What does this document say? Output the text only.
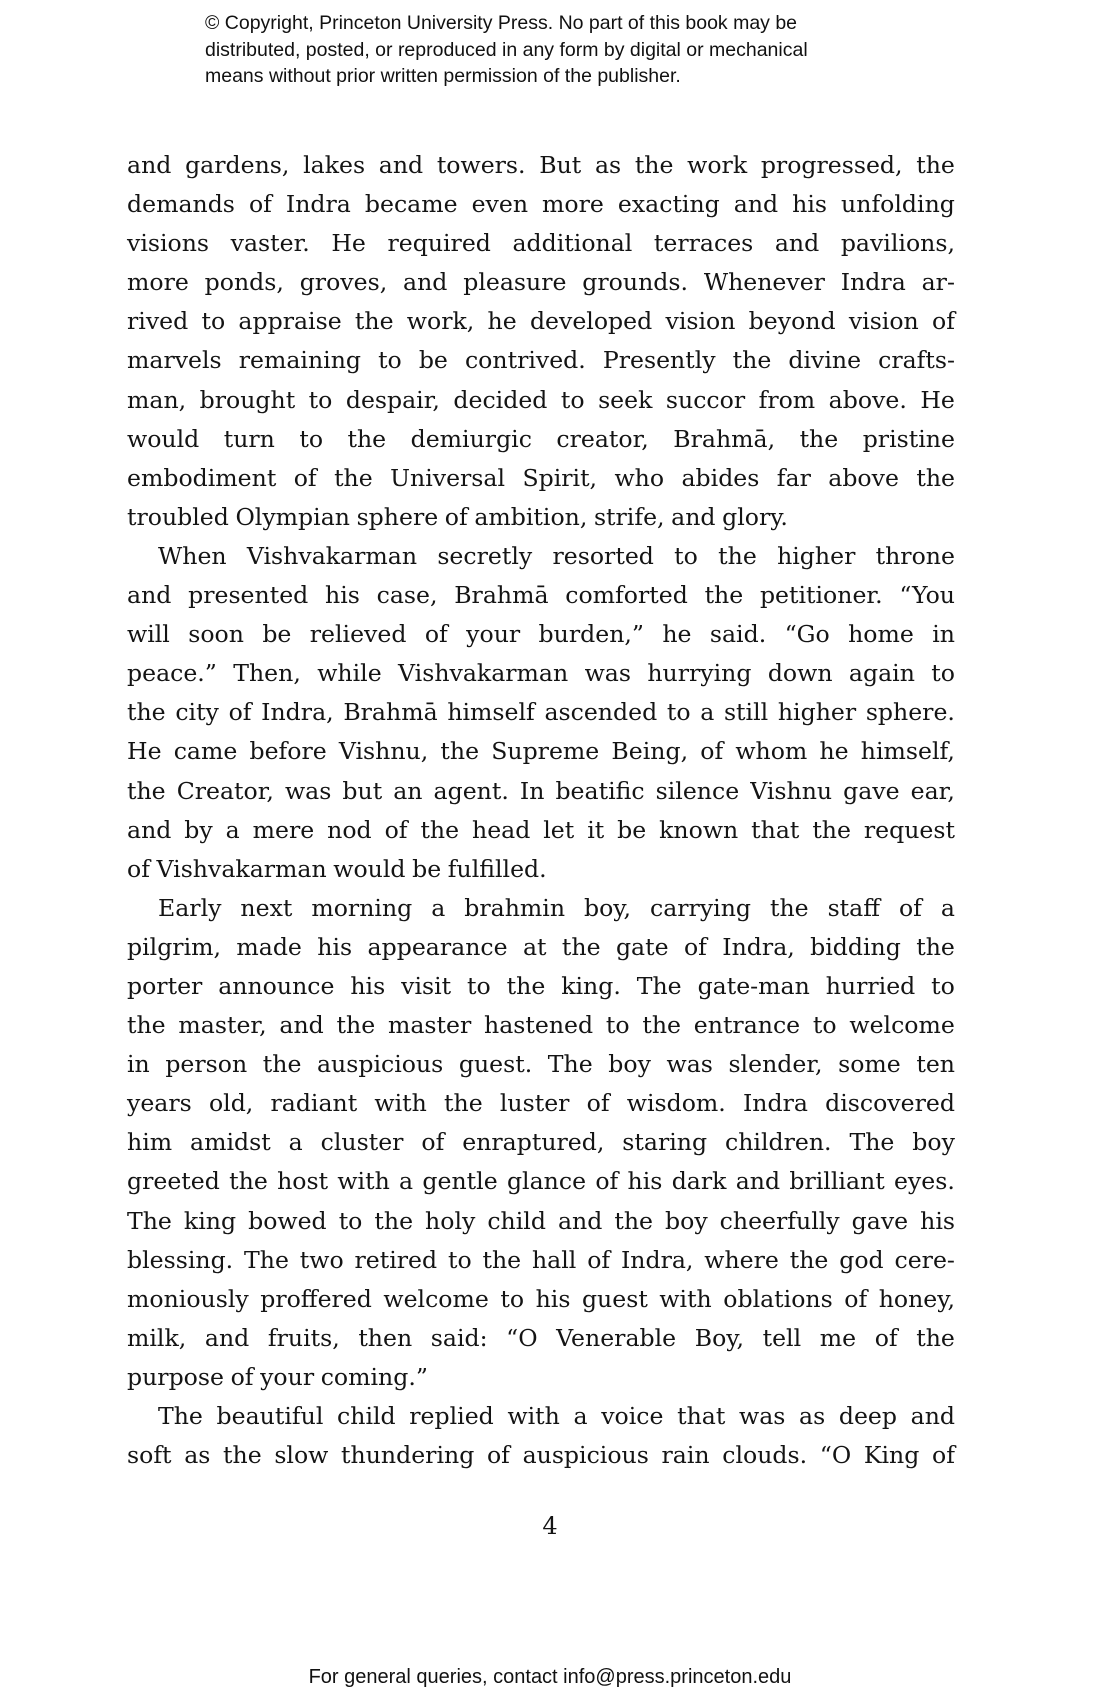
© Copyright, Princeton University Press. No part of this book may be
distributed, posted, or reproduced in any form by digital or mechanical
means without prior written permission of the publisher.
and gardens, lakes and towers. But as the work progressed, the
demands of Indra became even more exacting and his unfolding
visions vaster. He required additional terraces and pavilions,
more ponds, groves, and pleasure grounds. Whenever Indra ar-
rived to appraise the work, he developed vision beyond vision of
marvels remaining to be contrived. Presently the divine crafts-
man, brought to despair, decided to seek succor from above. He
would turn to the demiurgic creator, Brahmā, the pristine
embodiment of the Universal Spirit, who abides far above the
troubled Olympian sphere of ambition, strife, and glory.
When Vishvakarman secretly resorted to the higher throne
and presented his case, Brahmā comforted the petitioner. “You
will soon be relieved of your burden,” he said. “Go home in
peace.” Then, while Vishvakarman was hurrying down again to
the city of Indra, Brahmā himself ascended to a still higher sphere.
He came before Vishnu, the Supreme Being, of whom he himself,
the Creator, was but an agent. In beatific silence Vishnu gave ear,
and by a mere nod of the head let it be known that the request
of Vishvakarman would be fulfilled.
Early next morning a brahmin boy, carrying the staff of a
pilgrim, made his appearance at the gate of Indra, bidding the
porter announce his visit to the king. The gate-man hurried to
the master, and the master hastened to the entrance to welcome
in person the auspicious guest. The boy was slender, some ten
years old, radiant with the luster of wisdom. Indra discovered
him amidst a cluster of enraptured, staring children. The boy
greeted the host with a gentle glance of his dark and brilliant eyes.
The king bowed to the holy child and the boy cheerfully gave his
blessing. The two retired to the hall of Indra, where the god cere-
moniously proffered welcome to his guest with oblations of honey,
milk, and fruits, then said: “O Venerable Boy, tell me of the
purpose of your coming.”
The beautiful child replied with a voice that was as deep and
soft as the slow thundering of auspicious rain clouds. “O King of
4
For general queries, contact info@press.princeton.edu
